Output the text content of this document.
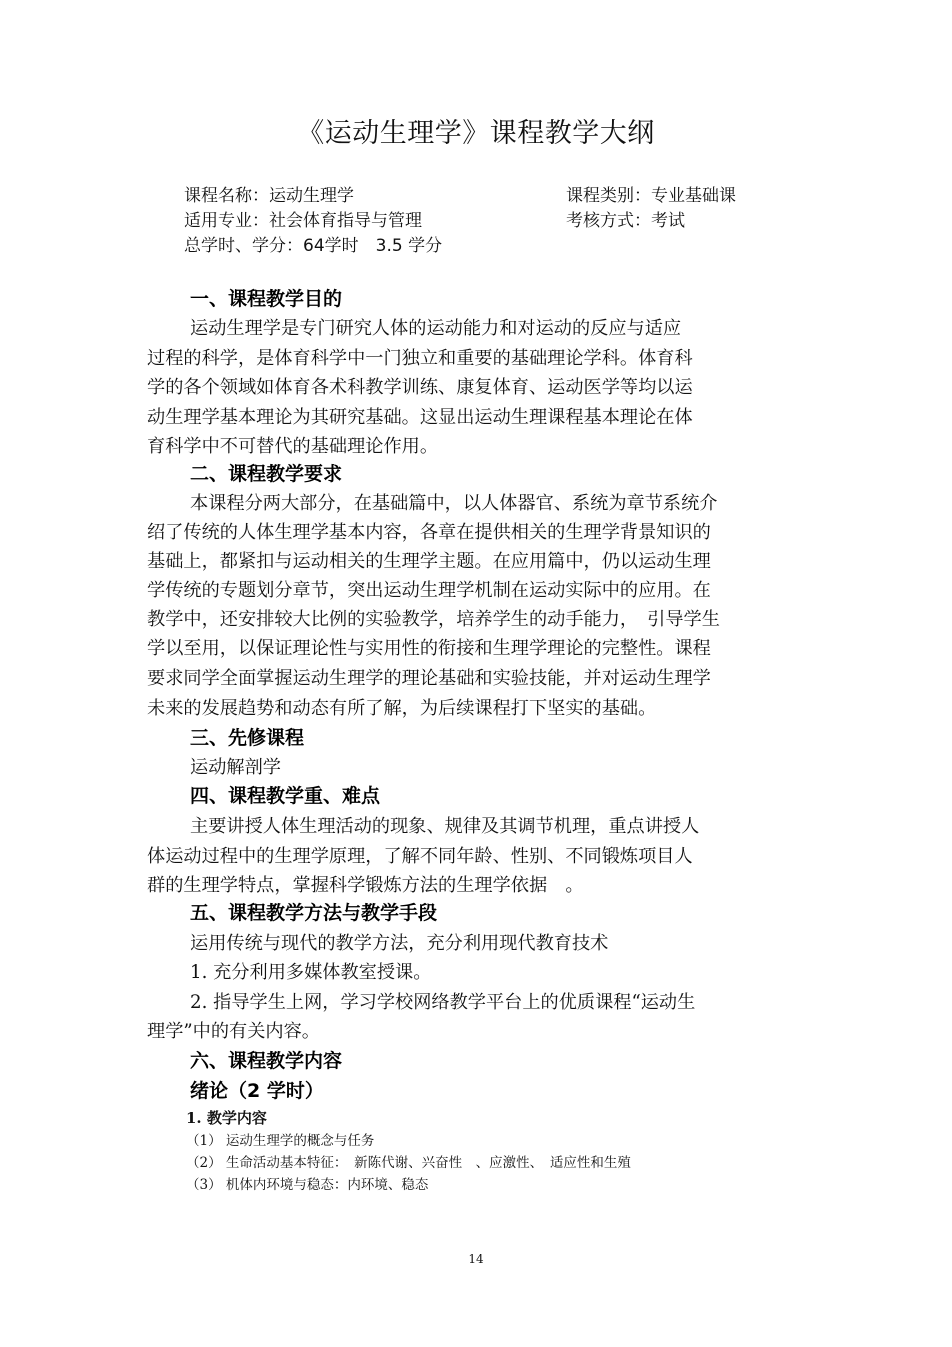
《运动生理学》课程教学大纲
课程名称：运动生理学	课程类别：专业基础课
适用专业：社会体育指导与管理	考核方式：考试
总学时、学分：64学时　3.5 学分
一、课程教学目的
运动生理学是专门研究人体的运动能力和对运动的反应与适应
过程的科学，是体育科学中一门独立和重要的基础理论学科。体育科
学的各个领域如体育各术科教学训练、康复体育、运动医学等均以运
动生理学基本理论为其研究基础。这显出运动生理课程基本理论在体
育科学中不可替代的基础理论作用。
二、课程教学要求
本课程分两大部分，在基础篇中，以人体器官、系统为章节系统介
绍了传统的人体生理学基本内容，各章在提供相关的生理学背景知识的
基础上，都紧扣与运动相关的生理学主题。在应用篇中，仍以运动生理
学传统的专题划分章节，突出运动生理学机制在运动实际中的应用。在
教学中，还安排较大比例的实验教学，培养学生的动手能力，　引导学生
学以至用，以保证理论性与实用性的衔接和生理学理论的完整性。课程
要求同学全面掌握运动生理学的理论基础和实验技能，并对运动生理学
未来的发展趋势和动态有所了解，为后续课程打下坚实的基础。
三、先修课程
运动解剖学
四、课程教学重、难点
主要讲授人体生理活动的现象、规律及其调节机理，重点讲授人
体运动过程中的生理学原理，了解不同年龄、性别、不同锻炼项目人
群的生理学特点，掌握科学锻炼方法的生理学依据　。
五、课程教学方法与教学手段
运用传统与现代的教学方法，充分利用现代教育技术
1. 充分利用多媒体教室授课。
2. 指导学生上网，学习学校网络教学平台上的优质课程“运动生
理学”中的有关内容。
六、课程教学内容
绪论（2 学时）
1. 教学内容
（1） 运动生理学的概念与任务
（2） 生命活动基本特征：　新陈代谢、兴奋性　、应激性、　适应性和生殖
（3） 机体内环境与稳态：内环境、稳态
14
